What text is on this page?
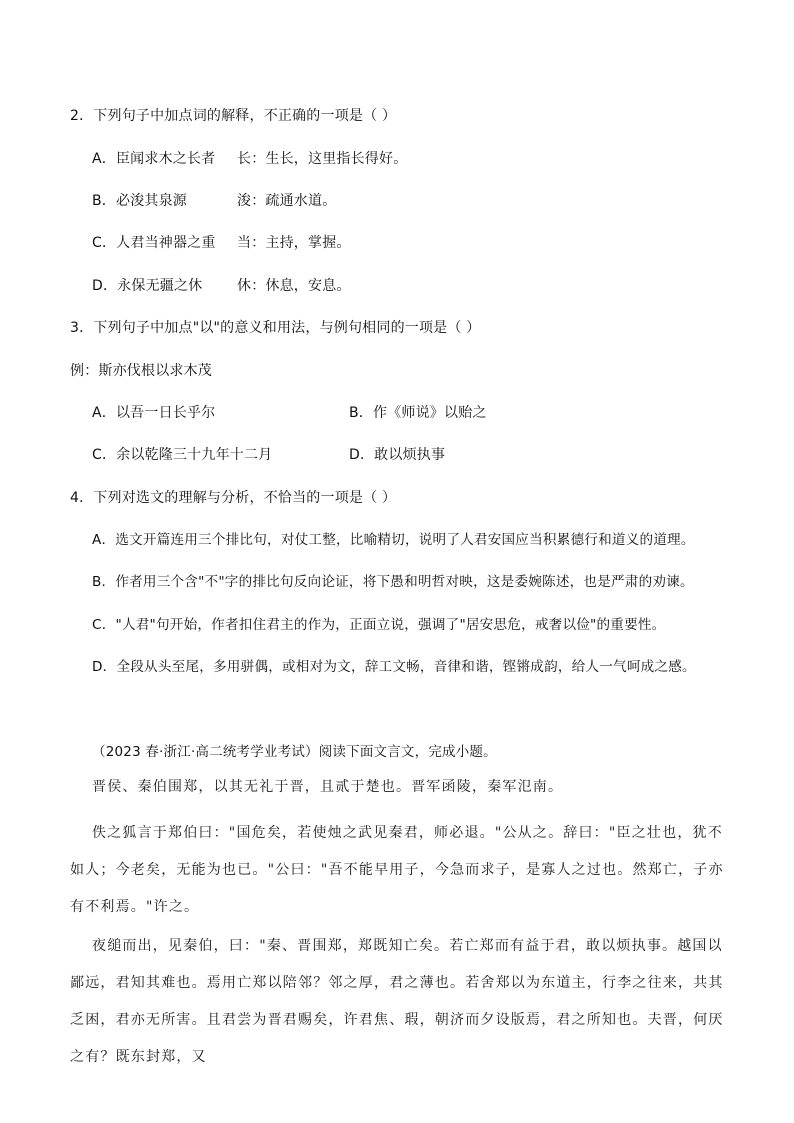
2．下列句子中加点词的解释，不正确的一项是（ ）
A．臣闻求木之长者 长：生长，这里指长得好。
B．必浚其泉源	浚：疏通水道。
C．人君当神器之重 当：主持，掌握。
D．永保无疆之休 休：休息，安息。
3．下列句子中加点"以"的意义和用法，与例句相同的一项是（ ）
例：斯亦伐根以求木茂
A．以吾一日长乎尔	B．作《师说》以贻之
C．余以乾隆三十九年十二月	D．敢以烦执事
4．下列对选文的理解与分析，不恰当的一项是（ ）
A．选文开篇连用三个排比句，对仗工整，比喻精切，说明了人君安国应当积累德行和道义的道理。
B．作者用三个含"不"字的排比句反向论证，将下愚和明哲对映，这是委婉陈述，也是严肃的劝谏。
C．"人君"句开始，作者扣住君主的作为，正面立说，强调了"居安思危，戒奢以俭"的重要性。
D．全段从头至尾，多用骈偶，或相对为文，辞工文畅，音律和谐，铿锵成韵，给人一气呵成之感。
（2023 春·浙江·高二统考学业考试）阅读下面文言文，完成小题。
晋侯、秦伯围郑，以其无礼于晋，且贰于楚也。晋军函陵，秦军氾南。
佚之狐言于郑伯曰："国危矣，若使烛之武见秦君，师必退。"公从之。辞曰："臣之壮也，犹不如人；今老矣，无能为也已。"公曰："吾不能早用子，今急而求子，是寡人之过也。然郑亡，子亦有不利焉。"许之。
夜缒而出，见秦伯，曰："秦、晋围郑，郑既知亡矣。若亡郑而有益于君，敢以烦执事。越国以鄙远，君知其难也。焉用亡郑以陪邻？邻之厚，君之薄也。若舍郑以为东道主，行李之往来，共其乏困，君亦无所害。且君尝为晋君赐矣，许君焦、瑕，朝济而夕设版焉，君之所知也。夫晋，何厌之有？既东封郑，又
